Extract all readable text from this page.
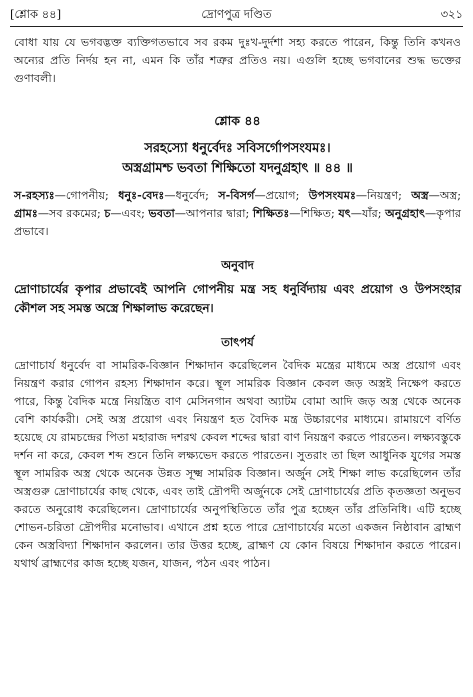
[শ্লোক ৪৪]	দ্রোণপুত্র দণ্ডিত	৩২১

বোধা যায় যে ভগবদ্ভক্ত ব্যক্তিগতভাবে সব রকম দুঃখ-দুর্দশা সহ্য করতে পারেন, কিন্তু তিনি কখনও অন্যের প্রতি নির্দয় হন না, এমন কি তাঁর শত্রুর প্রতিও নয়। এগুলি হচ্ছে ভগবানের শুদ্ধ ভক্তের গুণাবলী।

শ্লোক ৪৪
সরহস্যো ধনুর্বেদঃ সবিসর্গোপসংযমঃ।
অস্ত্রগ্রামশ্চ ভবতা শিক্ষিতো যদনুগ্রহাৎ ॥ ৪৪ ॥
স-রহস্যঃ—গোপনীয়; ধনুঃ-বেদঃ—ধনুর্বেদ; স-বিসর্গ—প্রয়োগ; উপসংযমঃ—নিয়ন্ত্রণ; অস্ত্র—অস্ত্র; গ্রামঃ—সব রকমের; চ—এবং; ভবতা—আপনার দ্বারা; শিক্ষিতঃ—শিক্ষিত; যৎ—যাঁর; অনুগ্রহাৎ—কৃপার প্রভাবে।
অনুবাদ
দ্রোণাচার্যের কৃপার প্রভাবেই আপনি গোপনীয় মন্ত্র সহ ধনুর্বিদ্যায় এবং প্রয়োগ ও উপসংহার কৌশল সহ সমস্ত অস্ত্রে শিক্ষালাভ করেছেন।
তাৎপর্য

দ্রোণাচার্য ধনুর্বেদ বা সামরিক-বিজ্ঞান শিক্ষাদান করেছিলেন বৈদিক মন্ত্রের মাধ্যমে অস্ত্র প্রয়োগ এবং নিয়ন্ত্রণ করার গোপন রহস্য শিক্ষাদান করে। স্থূল সামরিক বিজ্ঞান কেবল জড় অস্ত্রই নিক্ষেপ করতে পারে, কিন্তু বৈদিক মন্ত্রে নিয়ন্ত্রিত বাণ মেসিনগান অথবা অ্যাটম বোমা আদি জড় অস্ত্র থেকে অনেক বেশি কার্যকরী। সেই অস্ত্র প্রয়োগ এবং নিয়ন্ত্রণ হত বৈদিক মন্ত্র উচ্চারণের মাধ্যমে। রামায়ণে বর্ণিত হয়েছে যে রামচন্দ্রের পিতা মহারাজ দশরথ কেবল শব্দের দ্বারা বাণ নিয়ন্ত্রণ করতে পারতেন। লক্ষ্যবস্তুকে দর্শন না করে, কেবল শব্দ শুনে তিনি লক্ষ্যভেদ করতে পারতেন। সুতরাং তা ছিল আধুনিক যুগের সমস্ত স্থূল সামরিক অস্ত্র থেকে অনেক উন্নত সূক্ষ্ম সামরিক বিজ্ঞান। অর্জুন সেই শিক্ষা লাভ করেছিলেন তাঁর অস্ত্রগুরু দ্রোণাচার্যের কাছ থেকে, এবং তাই দ্রৌপদী অর্জুনকে সেই দ্রোণাচার্যের প্রতি কৃতজ্ঞতা অনুভব করতে অনুরোধ করেছিলেন। দ্রোণাচার্যের অনুপস্থিতিতে তাঁর পুত্র হচ্ছেন তাঁর প্রতিনিধি। এটি হচ্ছে শোভন-চরিতা দ্রৌপদীর মনোভাব। এখানে প্রশ্ন হতে পারে দ্রোণাচার্যের মতো একজন নিষ্ঠাবান ব্রাহ্মণ কেন অস্ত্রবিদ্যা শিক্ষাদান করলেন। তার উত্তর হচ্ছে, ব্রাহ্মণ যে কোন বিষয়ে শিক্ষাদান করতে পারেন। যথার্থ ব্রাহ্মণের কাজ হচ্ছে যজন, যাজন, পঠন এবং পাঠন।
